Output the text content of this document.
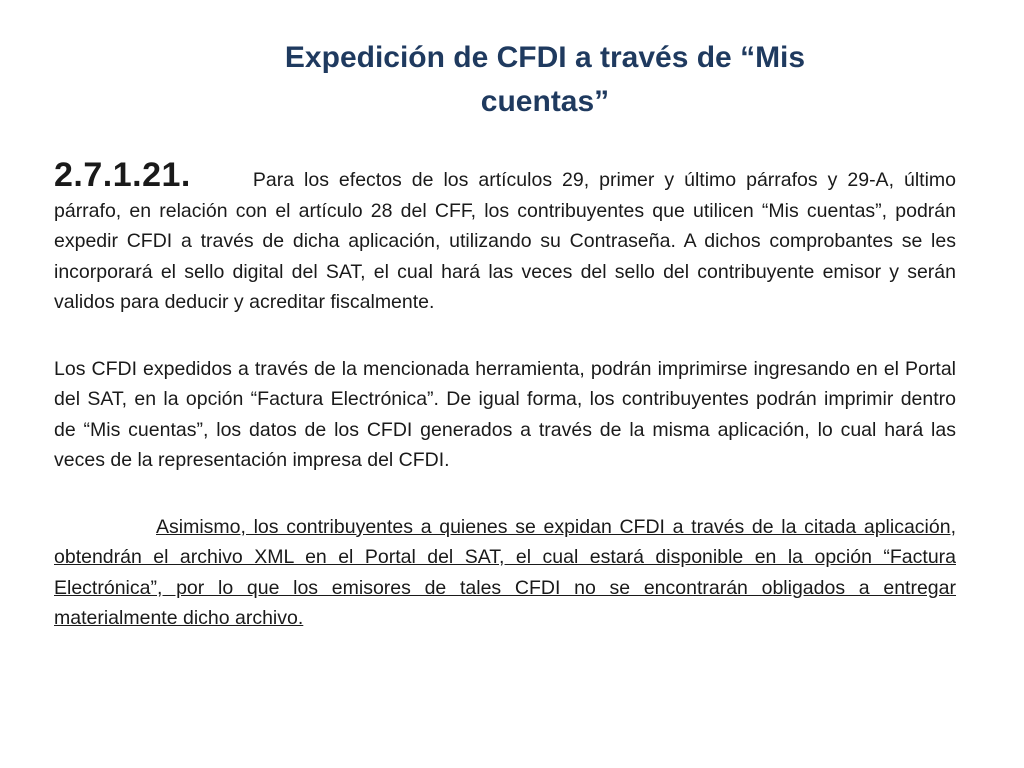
Expedición de CFDI a través de “Mis
cuentas”

2.7.1.21.	Para los efectos de los artículos 29, primer y último párrafos y 29-A, último párrafo, en relación con el artículo 28 del CFF, los contribuyentes que utilicen “Mis cuentas”, podrán expedir CFDI a través de dicha aplicación, utilizando su Contraseña. A dichos comprobantes se les incorporará el sello digital del SAT, el cual hará las veces del sello del contribuyente emisor y serán validos para deducir y acreditar fiscalmente.

Los CFDI expedidos a través de la mencionada herramienta, podrán imprimirse ingresando en el Portal del SAT, en la opción “Factura Electrónica”. De igual forma, los contribuyentes podrán imprimir dentro de “Mis cuentas”, los datos de los CFDI generados a través de la misma aplicación, lo cual hará las veces de la representación impresa del CFDI.

Asimismo, los contribuyentes a quienes se expidan CFDI a través de la citada aplicación, obtendrán el archivo XML en el Portal del SAT, el cual estará disponible en la opción “Factura Electrónica”, por lo que los emisores de tales CFDI no se encontrarán obligados a entregar materialmente dicho archivo.
